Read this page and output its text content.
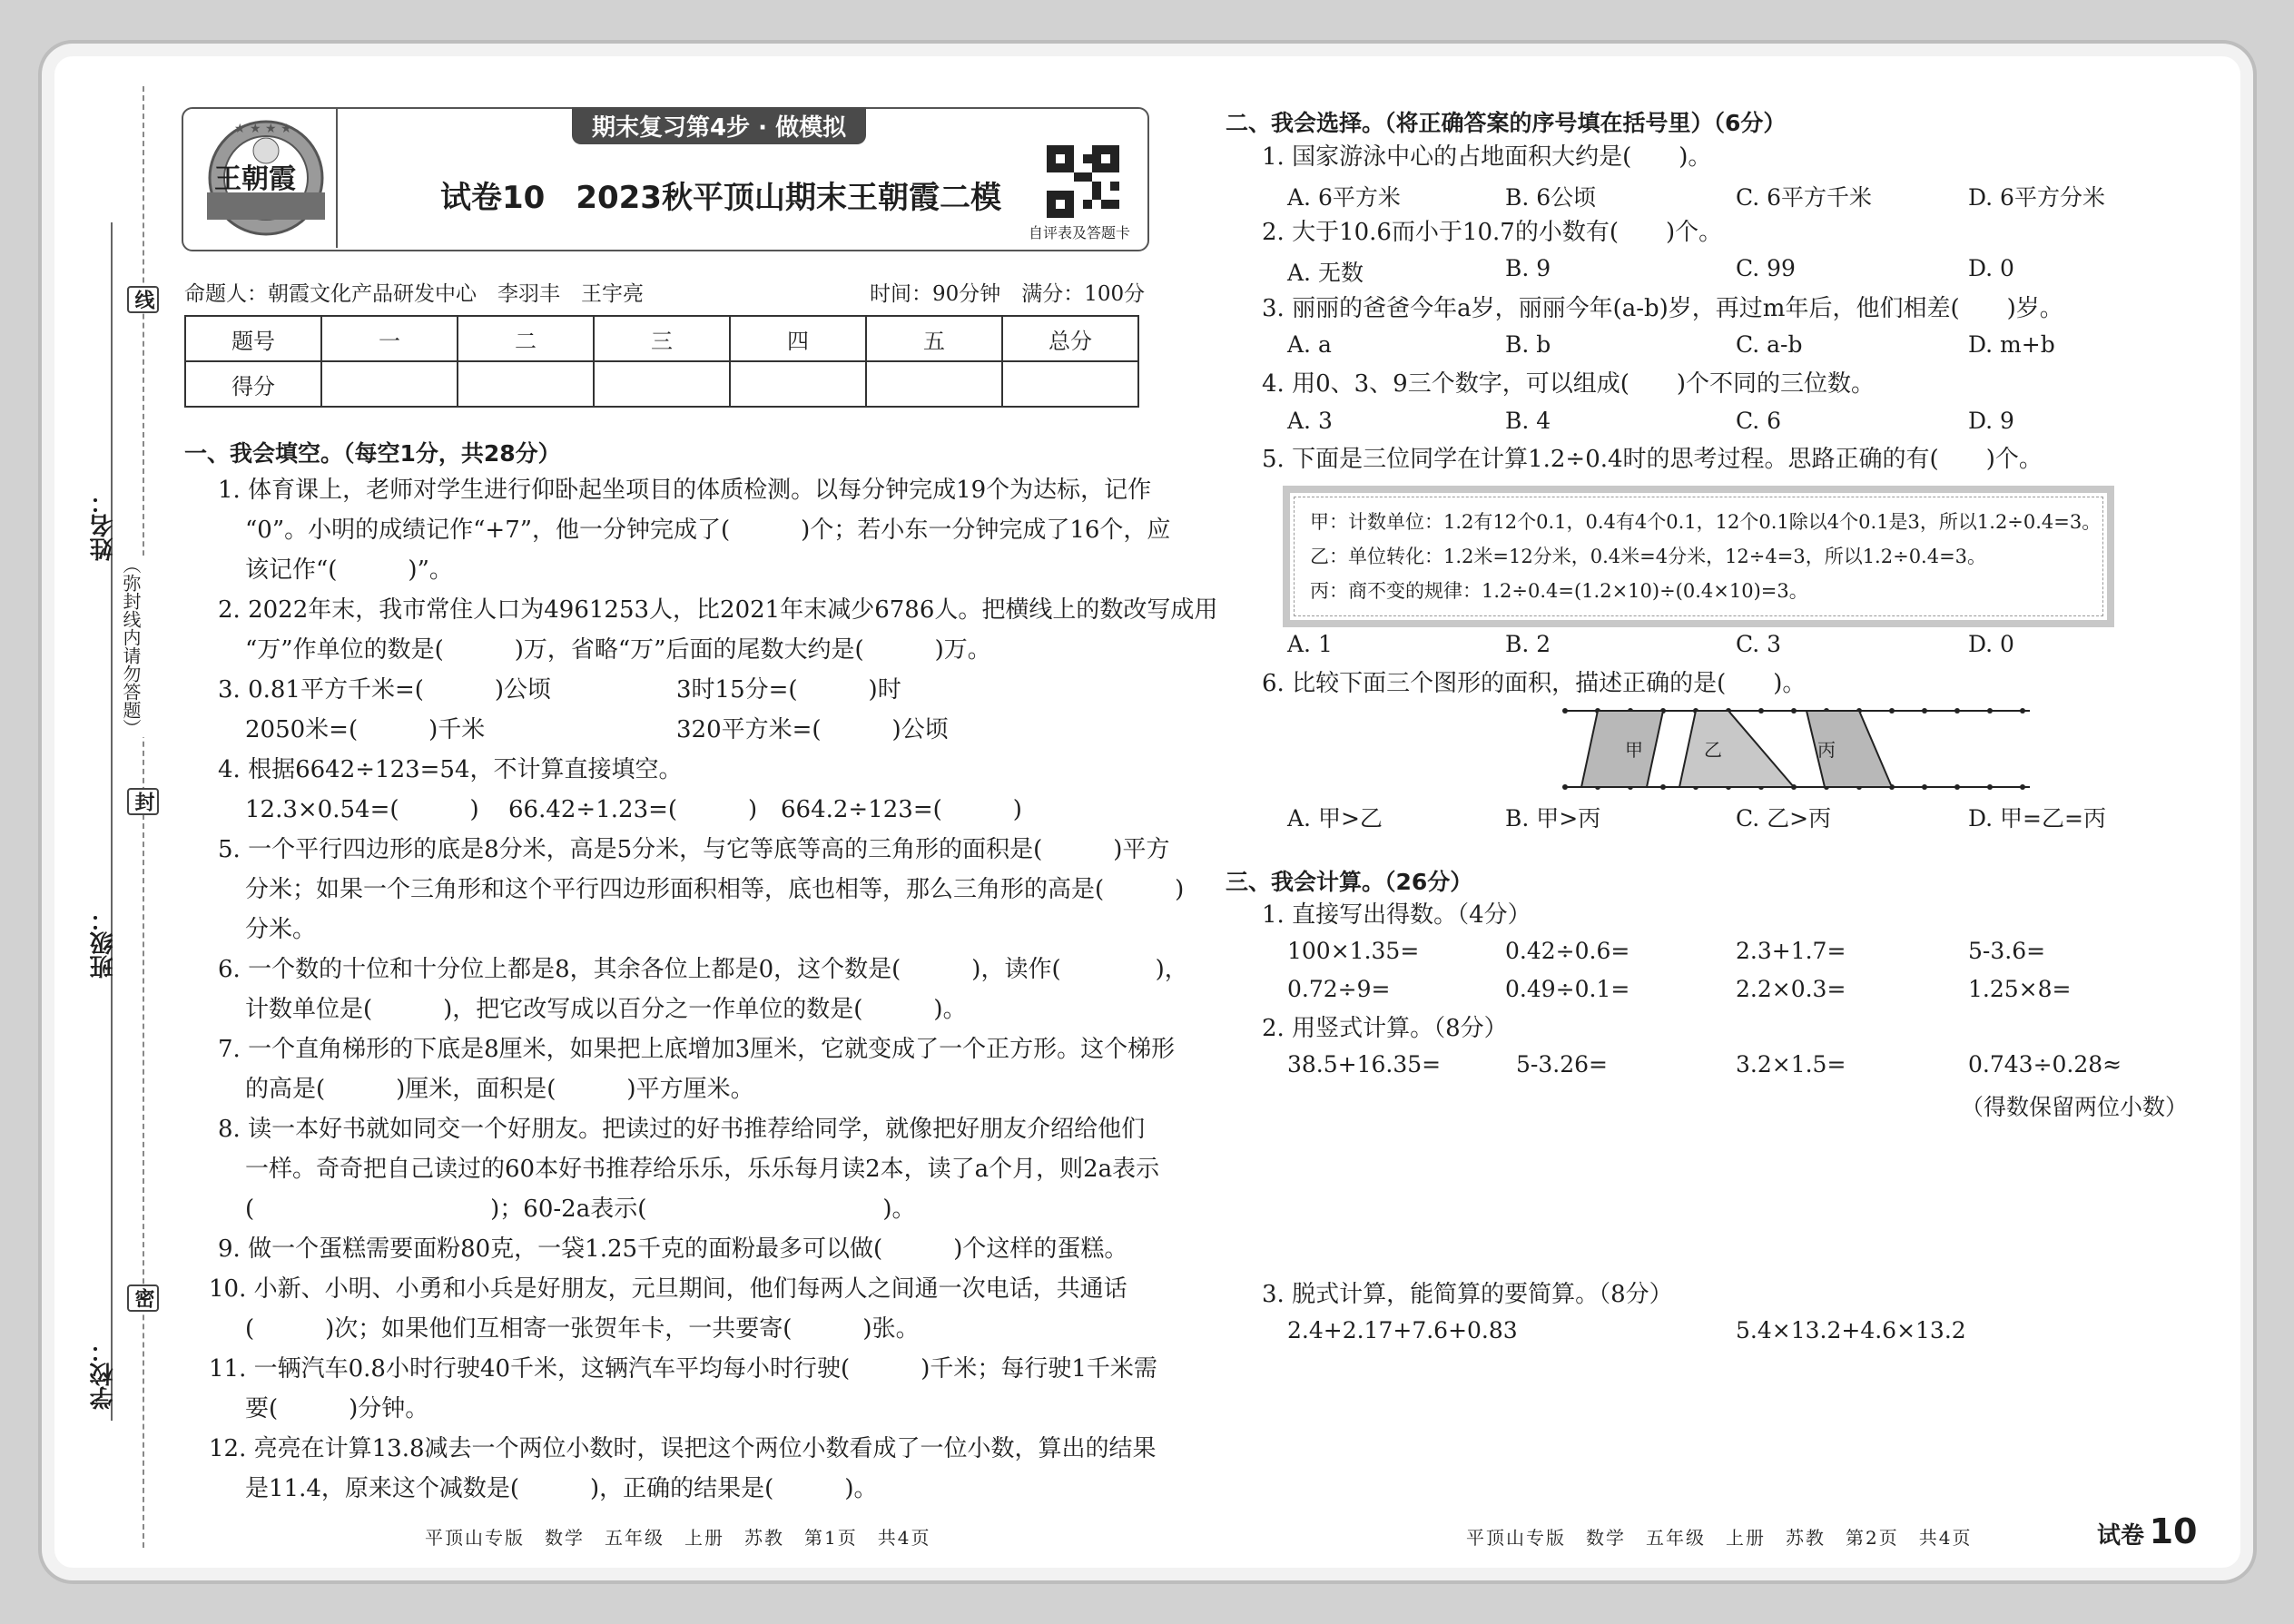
线
封
密
（弥封线内请勿答题）
姓名：
班级：
学校：
★ ★ ★ ★
王朝霞
期末复习第4步 · 做模拟
试卷10　2023秋平顶山期末王朝霞二模
自评表及答题卡
命题人：朝霞文化产品研发中心　李羽丰　王宇亮	时间：90分钟　满分：100分
题号	一	二	三	四	五	总分
得分						
一、我会填空。（每空1分，共28分）

1. 体育课上，老师对学生进行仰卧起坐项目的体质检测。以每分钟完成19个为达标，记作

“0”。小明的成绩记作“+7”，他一分钟完成了(　　　)个；若小东一分钟完成了16个，应

该记作“(　　　)”。

2. 2022年末，我市常住人口为4961253人，比2021年末减少6786人。把横线上的数改写成用

“万”作单位的数是(　　　)万，省略“万”后面的尾数大约是(　　　)万。

3. 0.81平方千米=(　　　)公顷	3时15分=(　　　)时

2050米=(　　　)千米	320平方米=(　　　)公顷

4. 根据6642÷123=54，不计算直接填空。

12.3×0.54=(　　　) 66.42÷1.23=(　　　) 664.2÷123=(　　　)

5. 一个平行四边形的底是8分米，高是5分米，与它等底等高的三角形的面积是(　　　)平方

分米；如果一个三角形和这个平行四边形面积相等，底也相等，那么三角形的高是(　　　)

分米。

6. 一个数的十位和十分位上都是8，其余各位上都是0，这个数是(　　　)，读作(　　　　)，

计数单位是(　　　)，把它改写成以百分之一作单位的数是(　　　)。

7. 一个直角梯形的下底是8厘米，如果把上底增加3厘米，它就变成了一个正方形。这个梯形

的高是(　　　)厘米，面积是(　　　)平方厘米。

8. 读一本好书就如同交一个好朋友。把读过的好书推荐给同学，就像把好朋友介绍给他们

一样。奇奇把自己读过的60本好书推荐给乐乐，乐乐每月读2本，读了a个月，则2a表示

(　　　　　　　　　　)；60-2a表示(　　　　　　　　　　)。

9. 做一个蛋糕需要面粉80克，一袋1.25千克的面粉最多可以做(　　　)个这样的蛋糕。

10. 小新、小明、小勇和小兵是好朋友，元旦期间，他们每两人之间通一次电话，共通话

(　　　)次；如果他们互相寄一张贺年卡，一共要寄(　　　)张。

11. 一辆汽车0.8小时行驶40千米，这辆汽车平均每小时行驶(　　　)千米；每行驶1千米需

要(　　　)分钟。

12. 亮亮在计算13.8减去一个两位小数时，误把这个两位小数看成了一位小数，算出的结果

是11.4，原来这个减数是(　　　)，正确的结果是(　　　)。

二、我会选择。（将正确答案的序号填在括号里）（6分）
1. 国家游泳中心的占地面积大约是(　　)。
A. 6平方米	B. 6公顷	C. 6平方千米	D. 6平方分米
2. 大于10.6而小于10.7的小数有(　　)个。
A. 无数	B. 9	C. 99	D. 0
3. 丽丽的爸爸今年a岁，丽丽今年(a-b)岁，再过m年后，他们相差(　　)岁。
A. a	B. b	C. a-b	D. m+b
4. 用0、3、9三个数字，可以组成(　　)个不同的三位数。
A. 3	B. 4	C. 6	D. 9
5. 下面是三位同学在计算1.2÷0.4时的思考过程。思路正确的有(　　)个。
甲：计数单位：1.2有12个0.1，0.4有4个0.1，12个0.1除以4个0.1是3，所以1.2÷0.4=3。
乙：单位转化：1.2米=12分米，0.4米=4分米，12÷4=3，所以1.2÷0.4=3。
丙：商不变的规律：1.2÷0.4=(1.2×10)÷(0.4×10)=3。
A. 1	B. 2	C. 3	D. 0
6. 比较下面三个图形的面积，描述正确的是(　　)。
甲	乙	丙
A. 甲>乙	B. 甲>丙	C. 乙>丙	D. 甲=乙=丙
三、我会计算。（26分）
1. 直接写出得数。（4分）
100×1.35=	0.42÷0.6=	2.3+1.7=	5-3.6=
0.72÷9=	0.49÷0.1=	2.2×0.3=	1.25×8=
2. 用竖式计算。（8分）
38.5+16.35=	5-3.26=	3.2×1.5=	0.743÷0.28≈
（得数保留两位小数）
3. 脱式计算，能简算的要简算。（8分）
2.4+2.17+7.6+0.83	5.4×13.2+4.6×13.2
平顶山专版　数学　五年级　上册　苏教　第1页　共4页	平顶山专版　数学　五年级　上册　苏教　第2页　共4页	试卷 10
